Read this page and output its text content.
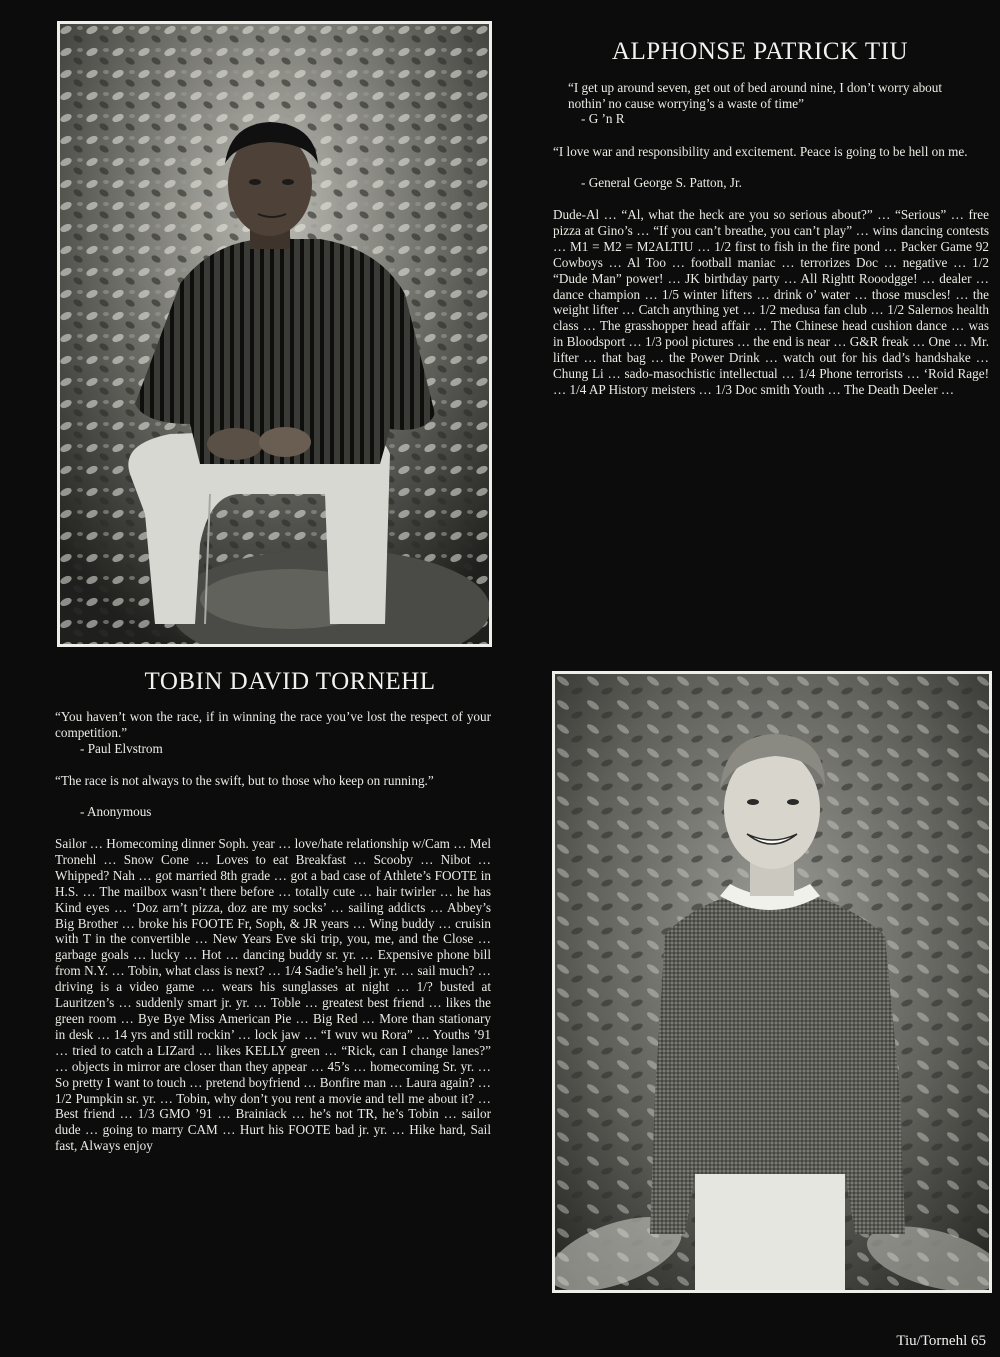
ALPHONSE PATRICK TIU
“I get up around seven, get out of bed around nine, I don’t worry about nothin’ no cause worrying’s a waste of time”
- G ’n R
“I love war and responsibility and excitement. Peace is going to be hell on me.
- General George S. Patton, Jr.
Dude-Al … “Al, what the heck are you so serious about?” … “Serious” … free pizza at Gino’s … “If you can’t breathe, you can’t play” … wins dancing contests … M1 = M2 = M2ALTIU … 1/2 first to fish in the fire pond … Packer Game 92 Cowboys … Al Too … football maniac … terrorizes Doc … negative … 1/2 “Dude Man” power! … JK birthday party … All Rightt Rooodgge! … dealer … dance champion … 1/5 winter lifters … drink o’ water … those muscles! … the weight lifter … Catch anything yet … 1/2 medusa fan club … 1/2 Salernos health class … The grasshopper head affair … The Chinese head cushion dance … was in Bloodsport … 1/3 pool pictures … the end is near … G&R freak … One … Mr. lifter … that bag … the Power Drink … watch out for his dad’s handshake … Chung Li … sado-masochistic intellectual … 1/4 Phone terrorists … ‘Roid Rage! … 1/4 AP History meisters … 1/3 Doc smith Youth … The Death Deeler …
TOBIN DAVID TORNEHL
“You haven’t won the race, if in winning the race you’ve lost the respect of your competition.”
- Paul Elvstrom
“The race is not always to the swift, but to those who keep on running.”
- Anonymous
Sailor … Homecoming dinner Soph. year … love/hate relationship w/Cam … Mel Tronehl … Snow Cone … Loves to eat Breakfast … Scooby … Nibot … Whipped? Nah … got married 8th grade … got a bad case of Athlete’s FOOTE in H.S. … The mailbox wasn’t there before … totally cute … hair twirler … he has Kind eyes … ‘Doz arn’t pizza, doz are my socks’ … sailing addicts … Abbey’s Big Brother … broke his FOOTE Fr, Soph, & JR years … Wing buddy … cruisin with T in the convertible … New Years Eve ski trip, you, me, and the Close … garbage goals … lucky … Hot … dancing buddy sr. yr. … Expensive phone bill from N.Y. … Tobin, what class is next? … 1/4 Sadie’s hell jr. yr. … sail much? … driving is a video game … wears his sunglasses at night … 1/? busted at Lauritzen’s … suddenly smart jr. yr. … Toble … greatest best friend … likes the green room … Bye Bye Miss American Pie … Big Red … More than stationary in desk … 14 yrs and still rockin’ … lock jaw … “I wuv wu Rora” … Youths ’91 … tried to catch a LIZard … likes KELLY green … “Rick, can I change lanes?” … objects in mirror are closer than they appear … 45’s … homecoming Sr. yr. … So pretty I want to touch … pretend boyfriend … Bonfire man … Laura again? … 1/2 Pumpkin sr. yr. … Tobin, why don’t you rent a movie and tell me about it? … Best friend … 1/3 GMO ’91 … Brainiack … he’s not TR, he’s Tobin … sailor dude … going to marry CAM … Hurt his FOOTE bad jr. yr. … Hike hard, Sail fast, Always enjoy
Tiu/Tornehl 65
